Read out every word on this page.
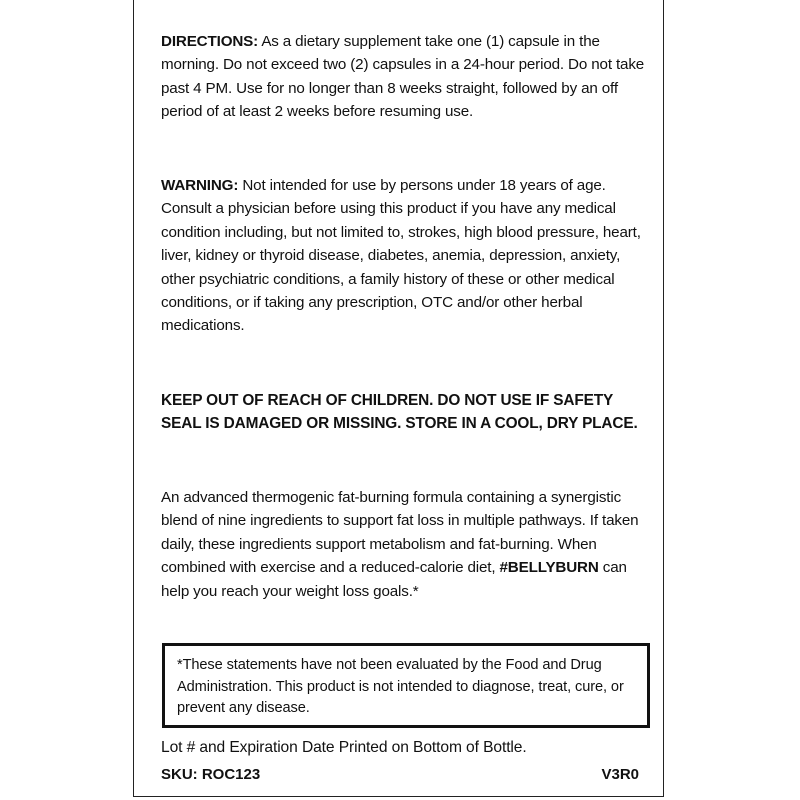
DIRECTIONS: As a dietary supplement take one (1) capsule in the morning. Do not exceed two (2) capsules in a 24-hour period. Do not take past 4 PM. Use for no longer than 8 weeks straight, followed by an off period of at least 2 weeks before resuming use.
WARNING: Not intended for use by persons under 18 years of age. Consult a physician before using this product if you have any medical condition including, but not limited to, strokes, high blood pressure, heart, liver, kidney or thyroid disease, diabetes, anemia, depression, anxiety, other psychiatric conditions, a family history of these or other medical conditions, or if taking any prescription, OTC and/or other herbal medications.
KEEP OUT OF REACH OF CHILDREN. DO NOT USE IF SAFETY SEAL IS DAMAGED OR MISSING. STORE IN A COOL, DRY PLACE.
An advanced thermogenic fat-burning formula containing a synergistic blend of nine ingredients to support fat loss in multiple pathways. If taken daily, these ingredients support metabolism and fat-burning. When combined with exercise and a reduced-calorie diet, #BELLYBURN can help you reach your weight loss goals.*
*These statements have not been evaluated by the Food and Drug Administration. This product is not intended to diagnose, treat, cure, or prevent any disease.
Lot # and Expiration Date Printed on Bottom of Bottle.
SKU: ROC123	V3R0
